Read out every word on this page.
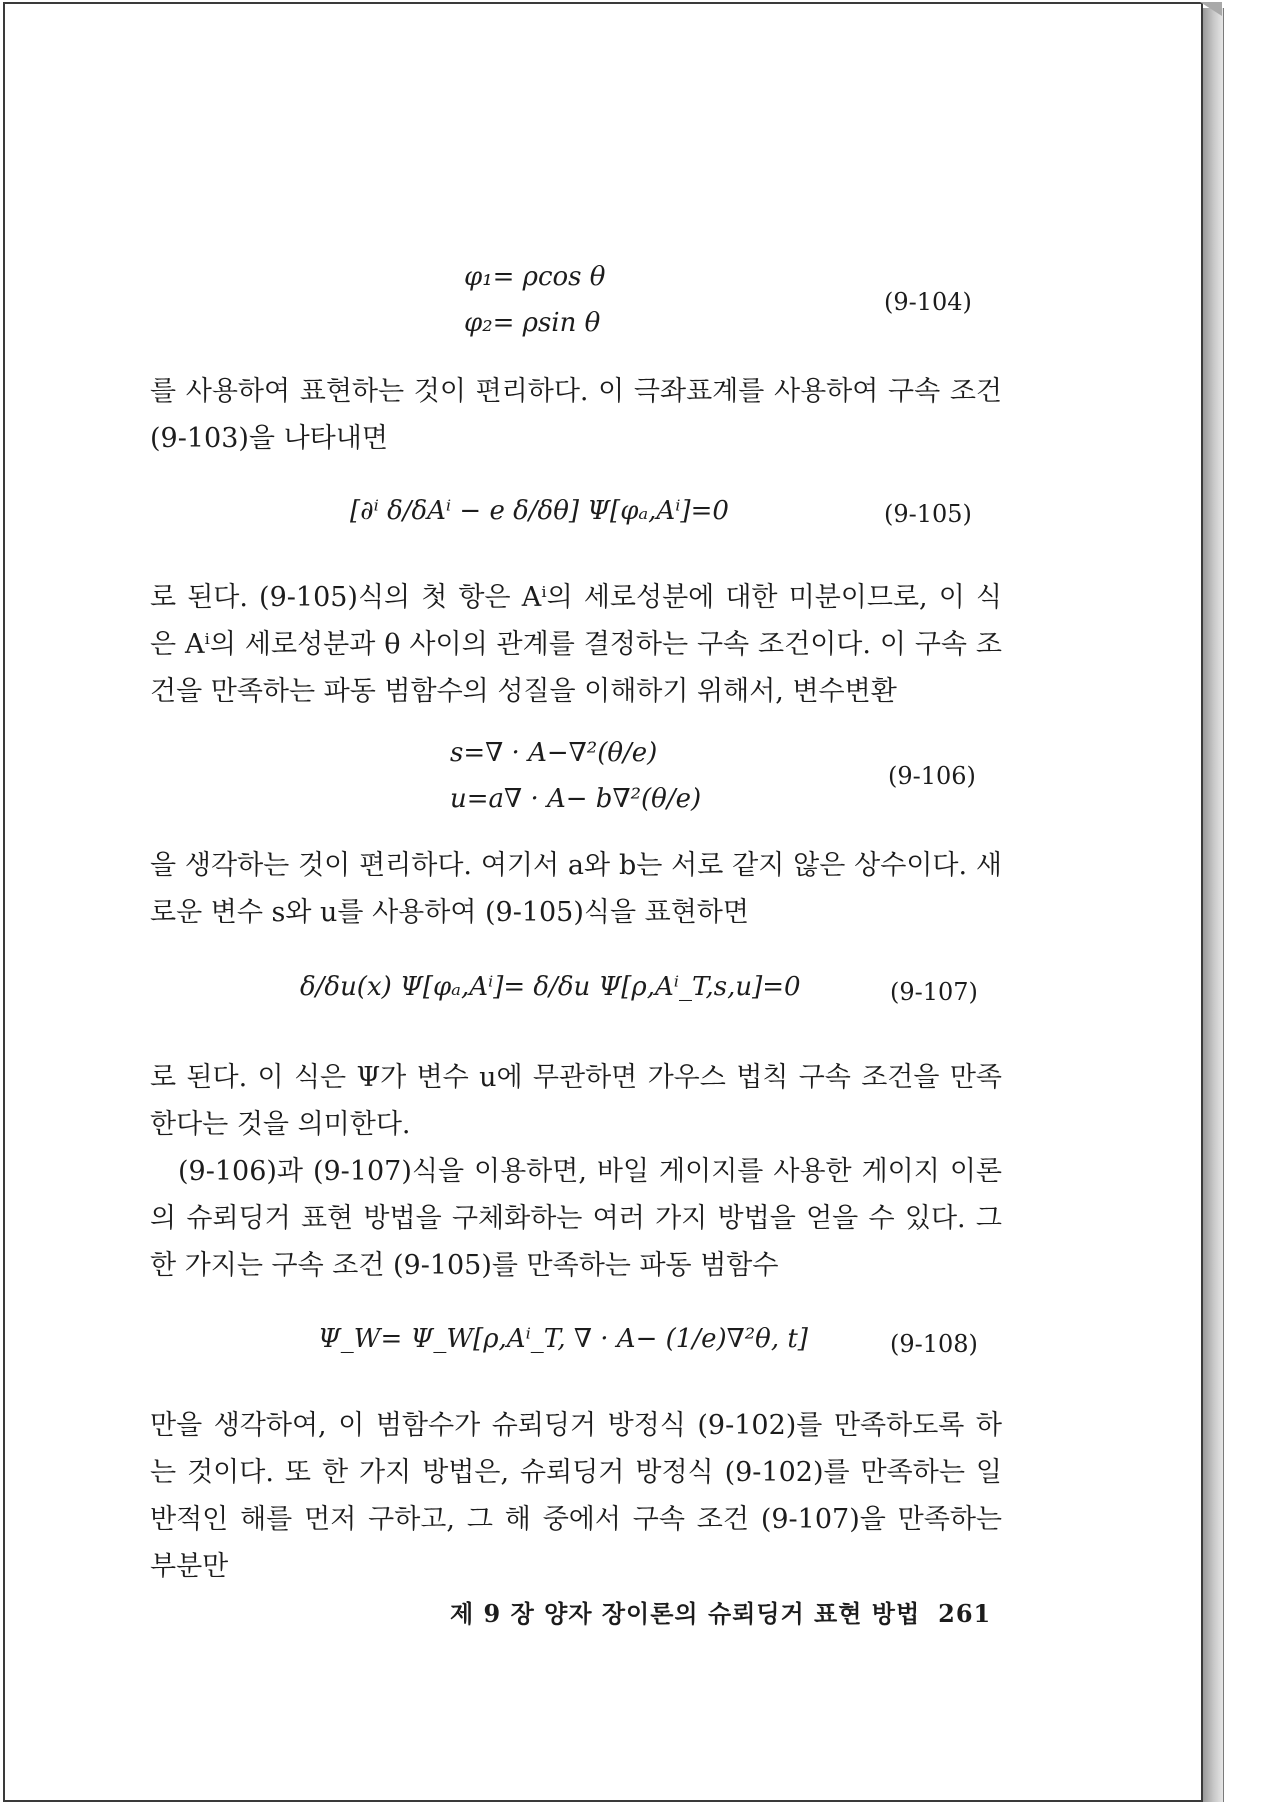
φ₁= ρcos θ
φ₂= ρsin θ
(9-104)

를 사용하여 표현하는 것이 편리하다. 이 극좌표계를 사용하여 구속 조건 (9-103)을 나타내면

[∂ⁱ δ/δAⁱ − e δ/δθ] Ψ[φₐ,Aⁱ]=0	(9-105)

로 된다. (9-105)식의 첫 항은 Aⁱ의 세로성분에 대한 미분이므로, 이 식은 Aⁱ의 세로성분과 θ 사이의 관계를 결정하는 구속 조건이다. 이 구속 조건을 만족하는 파동 범함수의 성질을 이해하기 위해서, 변수변환

s=∇ · A−∇²(θ/e)
u=a∇ · A− b∇²(θ/e)
(9-106)

을 생각하는 것이 편리하다. 여기서 a와 b는 서로 같지 않은 상수이다. 새로운 변수 s와 u를 사용하여 (9-105)식을 표현하면

δ/δu(x) Ψ[φₐ,Aⁱ]= δ/δu Ψ[ρ,Aⁱ_T,s,u]=0	(9-107)

로 된다. 이 식은 Ψ가 변수 u에 무관하면 가우스 법칙 구속 조건을 만족한다는 것을 의미한다.

(9-106)과 (9-107)식을 이용하면, 바일 게이지를 사용한 게이지 이론의 슈뢰딩거 표현 방법을 구체화하는 여러 가지 방법을 얻을 수 있다. 그 한 가지는 구속 조건 (9-105)를 만족하는 파동 범함수

Ψ_W= Ψ_W[ρ,Aⁱ_T, ∇ · A− (1/e)∇²θ, t]	(9-108)

만을 생각하여, 이 범함수가 슈뢰딩거 방정식 (9-102)를 만족하도록 하는 것이다. 또 한 가지 방법은, 슈뢰딩거 방정식 (9-102)를 만족하는 일반적인 해를 먼저 구하고, 그 해 중에서 구속 조건 (9-107)을 만족하는 부분만

제 9 장 양자 장이론의 슈뢰딩거 표현 방법 261
